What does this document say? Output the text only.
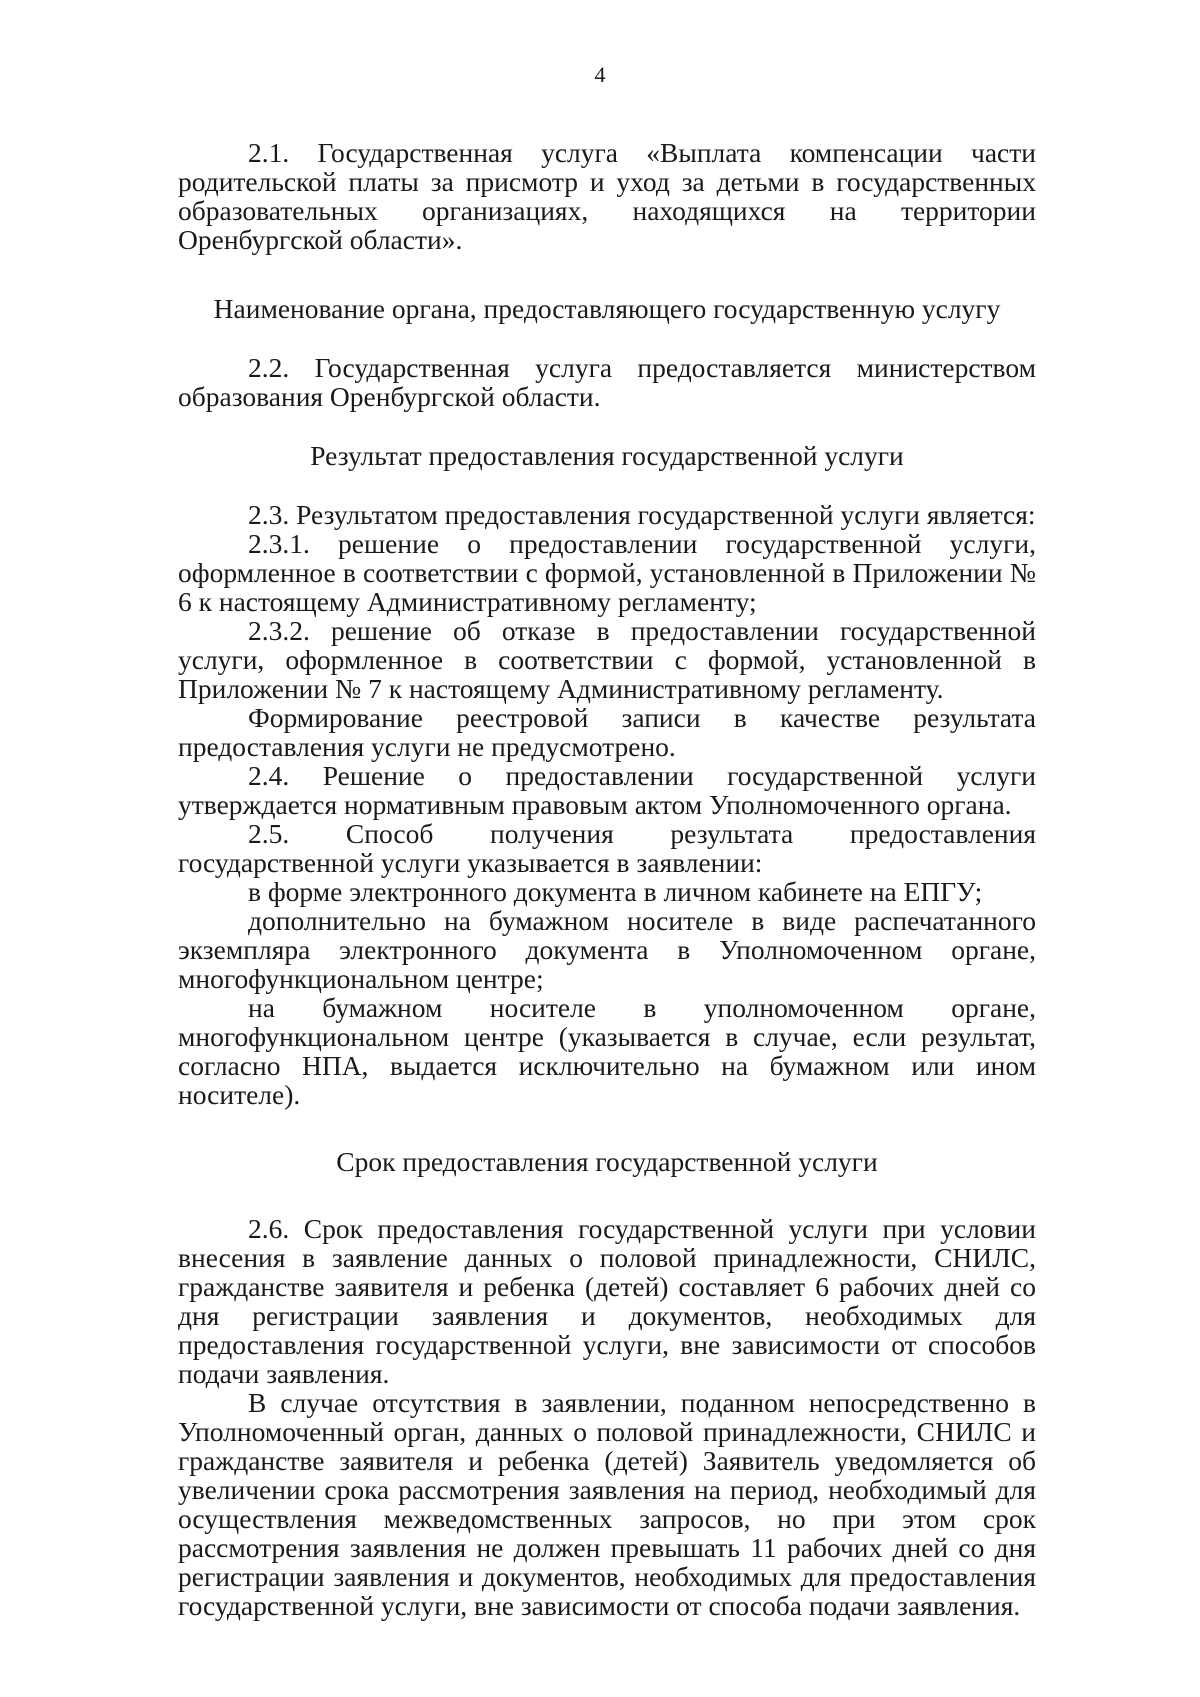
4

2.1. Государственная услуга «Выплата компенсации части родительской платы за присмотр и уход за детьми в государственных образовательных организациях, находящихся на территории Оренбургской области».

Наименование органа, предоставляющего государственную услугу

2.2. Государственная услуга предоставляется министерством образования Оренбургской области.

Результат предоставления государственной услуги

2.3. Результатом предоставления государственной услуги является:

2.3.1. решение о предоставлении государственной услуги, оформленное в соответствии с формой, установленной в Приложении № 6 к настоящему Административному регламенту;

2.3.2. решение об отказе в предоставлении государственной услуги, оформленное в соответствии с формой, установленной в Приложении № 7 к настоящему Административному регламенту.

Формирование реестровой записи в качестве результата предоставления услуги не предусмотрено.

2.4. Решение о предоставлении государственной услуги утверждается нормативным правовым актом Уполномоченного органа.

2.5. Способ получения результата предоставления государственной услуги указывается в заявлении:

в форме электронного документа в личном кабинете на ЕПГУ;

дополнительно на бумажном носителе в виде распечатанного экземпляра электронного документа в Уполномоченном органе, многофункциональном центре;

на бумажном носителе в уполномоченном органе, многофункциональном центре (указывается в случае, если результат, согласно НПА, выдается исключительно на бумажном или ином носителе).

Срок предоставления государственной услуги

2.6. Срок предоставления государственной услуги при условии внесения в заявление данных о половой принадлежности, СНИЛС, гражданстве заявителя и ребенка (детей) составляет 6 рабочих дней со дня регистрации заявления и документов, необходимых для предоставления государственной услуги, вне зависимости от способов подачи заявления.

В случае отсутствия в заявлении, поданном непосредственно в Уполномоченный орган, данных о половой принадлежности, СНИЛС и гражданстве заявителя и ребенка (детей) Заявитель уведомляется об увеличении срока рассмотрения заявления на период, необходимый для осуществления межведомственных запросов, но при этом срок рассмотрения заявления не должен превышать 11 рабочих дней со дня регистрации заявления и документов, необходимых для предоставления государственной услуги, вне зависимости от способа подачи заявления.
